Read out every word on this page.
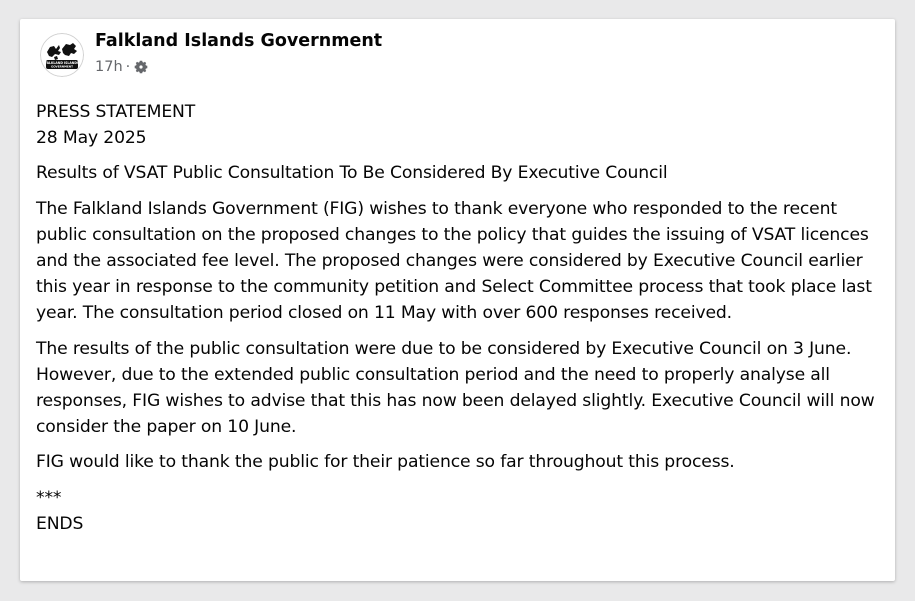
FALKLAND ISLANDS
GOVERNMENT
Falkland Islands Government
17h ·

PRESS STATEMENT
28 May 2025

Results of VSAT Public Consultation To Be Considered By Executive Council

The Falkland Islands Government (FIG) wishes to thank everyone who responded to the recent public consultation on the proposed changes to the policy that guides the issuing of VSAT licences and the associated fee level. The proposed changes were considered by Executive Council earlier this year in response to the community petition and Select Committee process that took place last year. The consultation period closed on 11 May with over 600 responses received.

The results of the public consultation were due to be considered by Executive Council on 3 June. However, due to the extended public consultation period and the need to properly analyse all responses, FIG wishes to advise that this has now been delayed slightly. Executive Council will now consider the paper on 10 June.

FIG would like to thank the public for their patience so far throughout this process.

***
ENDS
